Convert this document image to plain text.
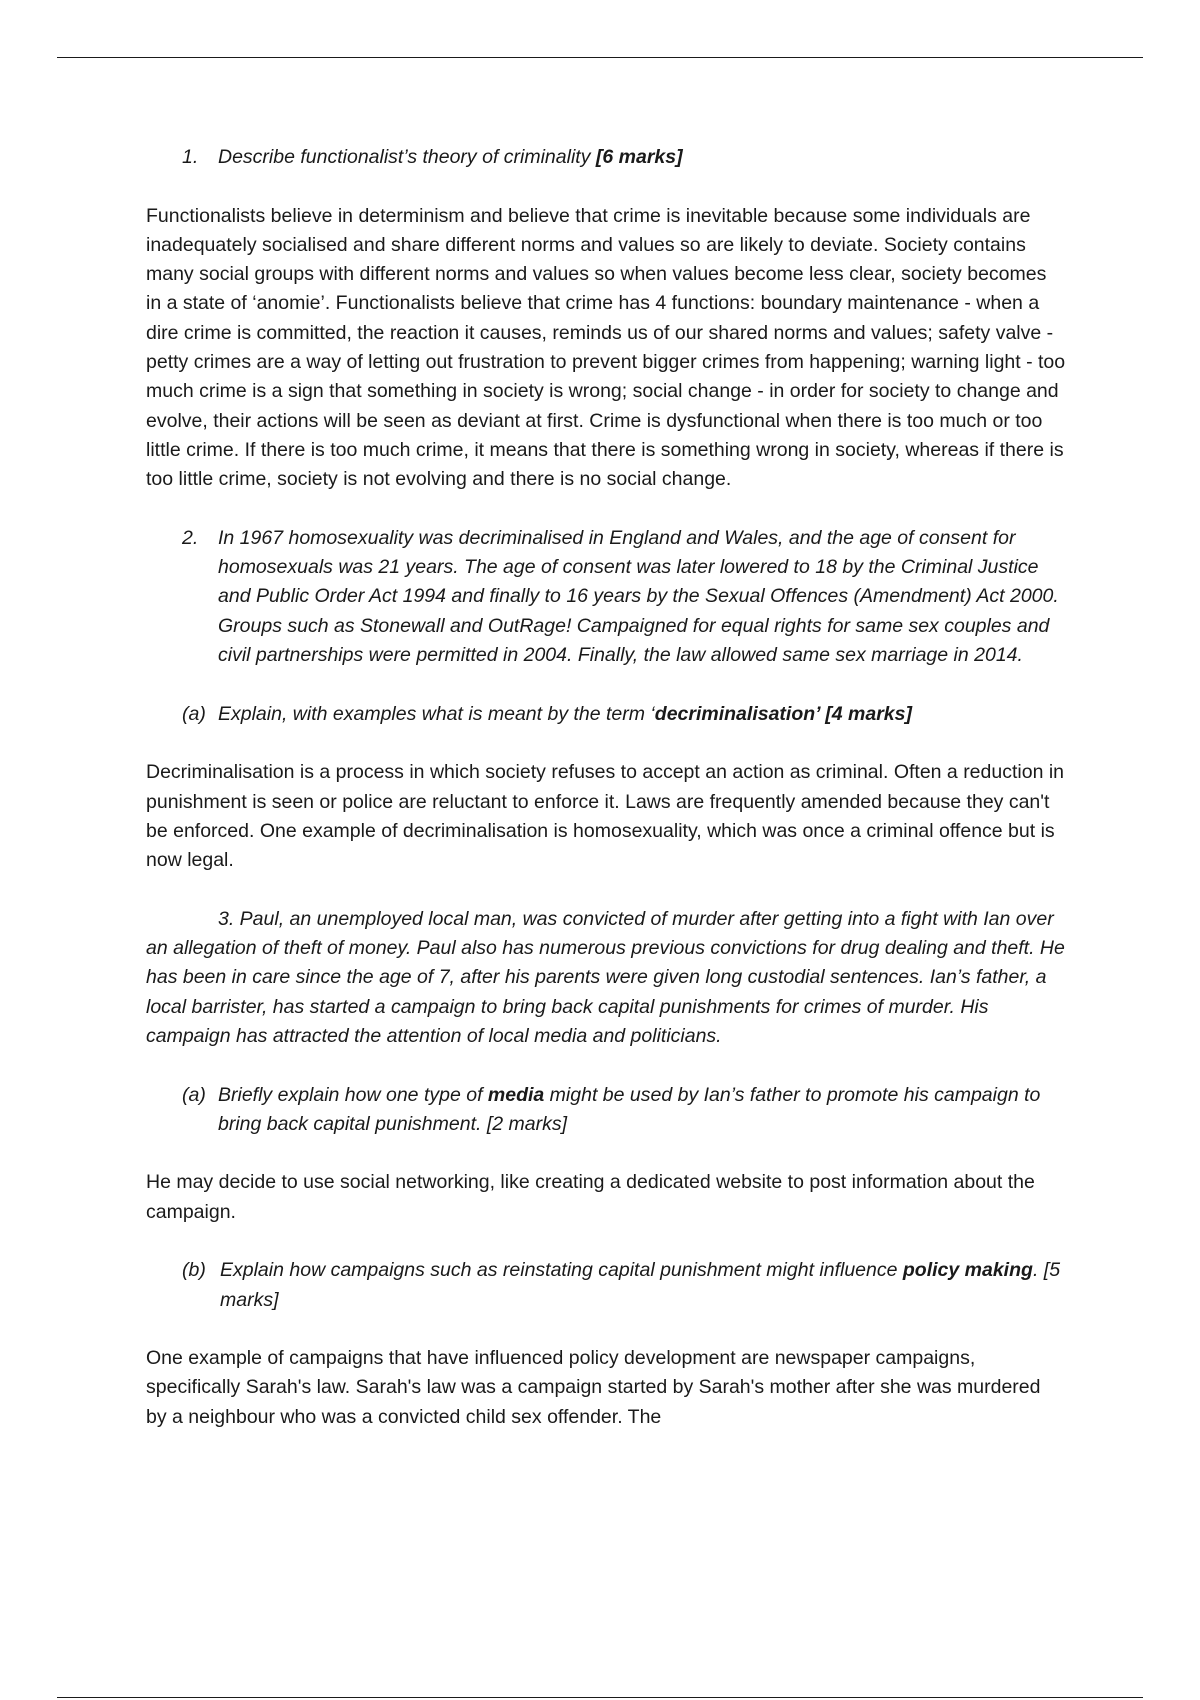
1.	Describe functionalist’s theory of criminality [6 marks]

Functionalists believe in determinism and believe that crime is inevitable because some individuals are inadequately socialised and share different norms and values so are likely to deviate. Society contains many social groups with different norms and values so when values become less clear, society becomes in a state of ‘anomie’. Functionalists believe that crime has 4 functions: boundary maintenance - when a dire crime is committed, the reaction it causes, reminds us of our shared norms and values; safety valve - petty crimes are a way of letting out frustration to prevent bigger crimes from happening; warning light - too much crime is a sign that something in society is wrong; social change - in order for society to change and evolve, their actions will be seen as deviant at first. Crime is dysfunctional when there is too much or too little crime. If there is too much crime, it means that there is something wrong in society, whereas if there is too little crime, society is not evolving and there is no social change.

2.	In 1967 homosexuality was decriminalised in England and Wales, and the age of consent for homosexuals was 21 years. The age of consent was later lowered to 18 by the Criminal Justice and Public Order Act 1994 and finally to 16 years by the Sexual Offences (Amendment) Act 2000. Groups such as Stonewall and OutRage! Campaigned for equal rights for same sex couples and civil partnerships were permitted in 2004. Finally, the law allowed same sex marriage in 2014.

(a) Explain, with examples what is meant by the term ‘decriminalisation’ [4 marks]

Decriminalisation is a process in which society refuses to accept an action as criminal. Often a reduction in punishment is seen or police are reluctant to enforce it. Laws are frequently amended because they can't be enforced. One example of decriminalisation is homosexuality, which was once a criminal offence but is now legal.

3. Paul, an unemployed local man, was convicted of murder after getting into a fight with Ian over an allegation of theft of money. Paul also has numerous previous convictions for drug dealing and theft. He has been in care since the age of 7, after his parents were given long custodial sentences. Ian’s father, a local barrister, has started a campaign to bring back capital punishments for crimes of murder. His campaign has attracted the attention of local media and politicians.

(a) Briefly explain how one type of media might be used by Ian’s father to promote his campaign to bring back capital punishment. [2 marks]

He may decide to use social networking, like creating a dedicated website to post information about the campaign.

(b) Explain how campaigns such as reinstating capital punishment might influence policy making. [5 marks]

One example of campaigns that have influenced policy development are newspaper campaigns, specifically Sarah's law. Sarah's law was a campaign started by Sarah's mother after she was murdered by a neighbour who was a convicted child sex offender. The
